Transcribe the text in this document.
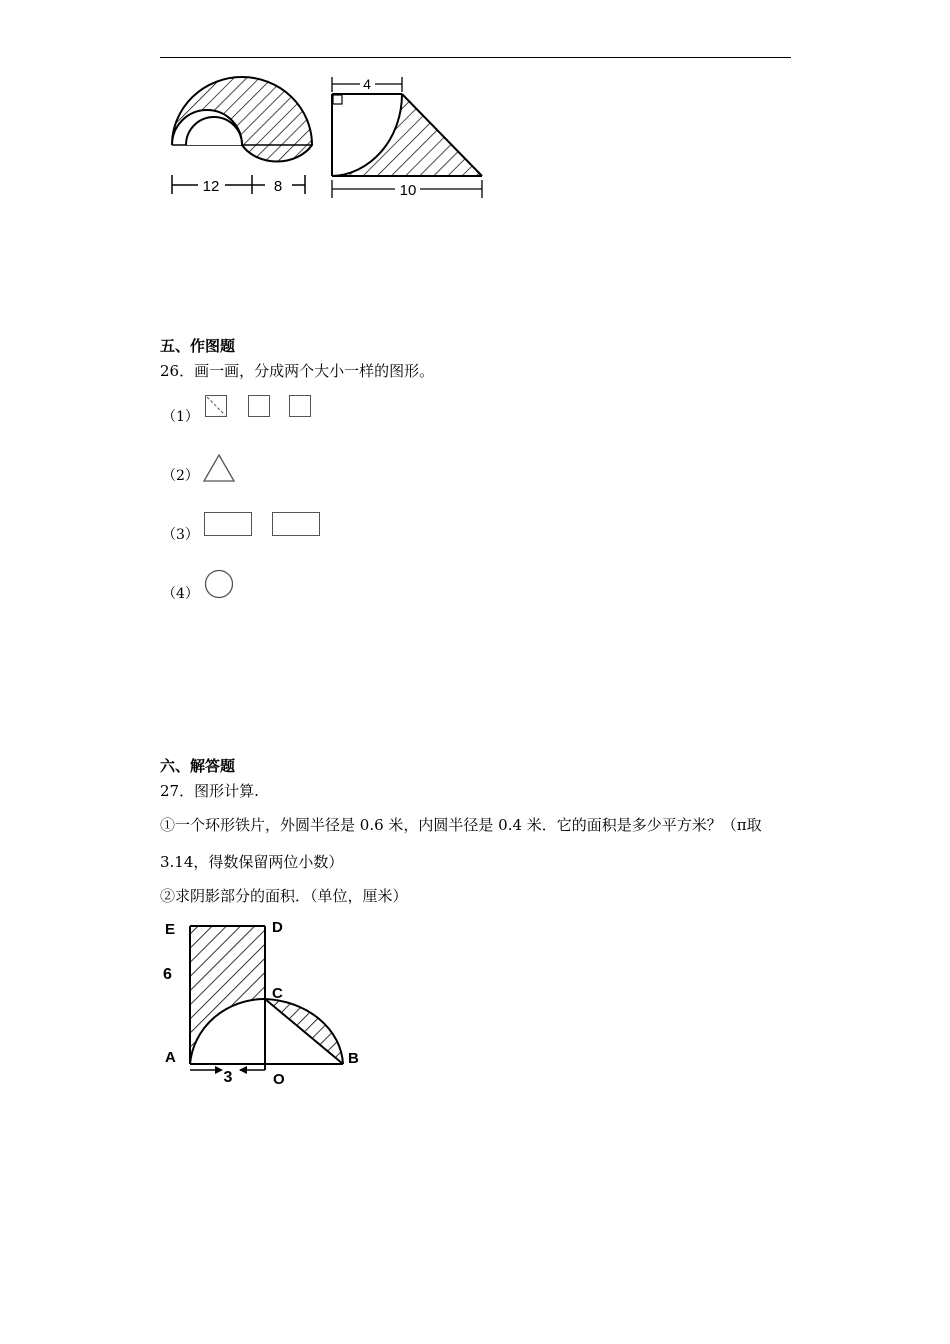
12	8
4
10
五、作图题
26．画一画，分成两个大小一样的图形。
（1）
（2）
（3）
（4）
六、解答题
27．图形计算.
①一个环形铁片，外圆半径是 0.6 米，内圆半径是 0.4 米．它的面积是多少平方米？（π取
3.14，得数保留两位小数）
②求阴影部分的面积．（单位，厘米）
3
E	D
6
C
A	B
O
